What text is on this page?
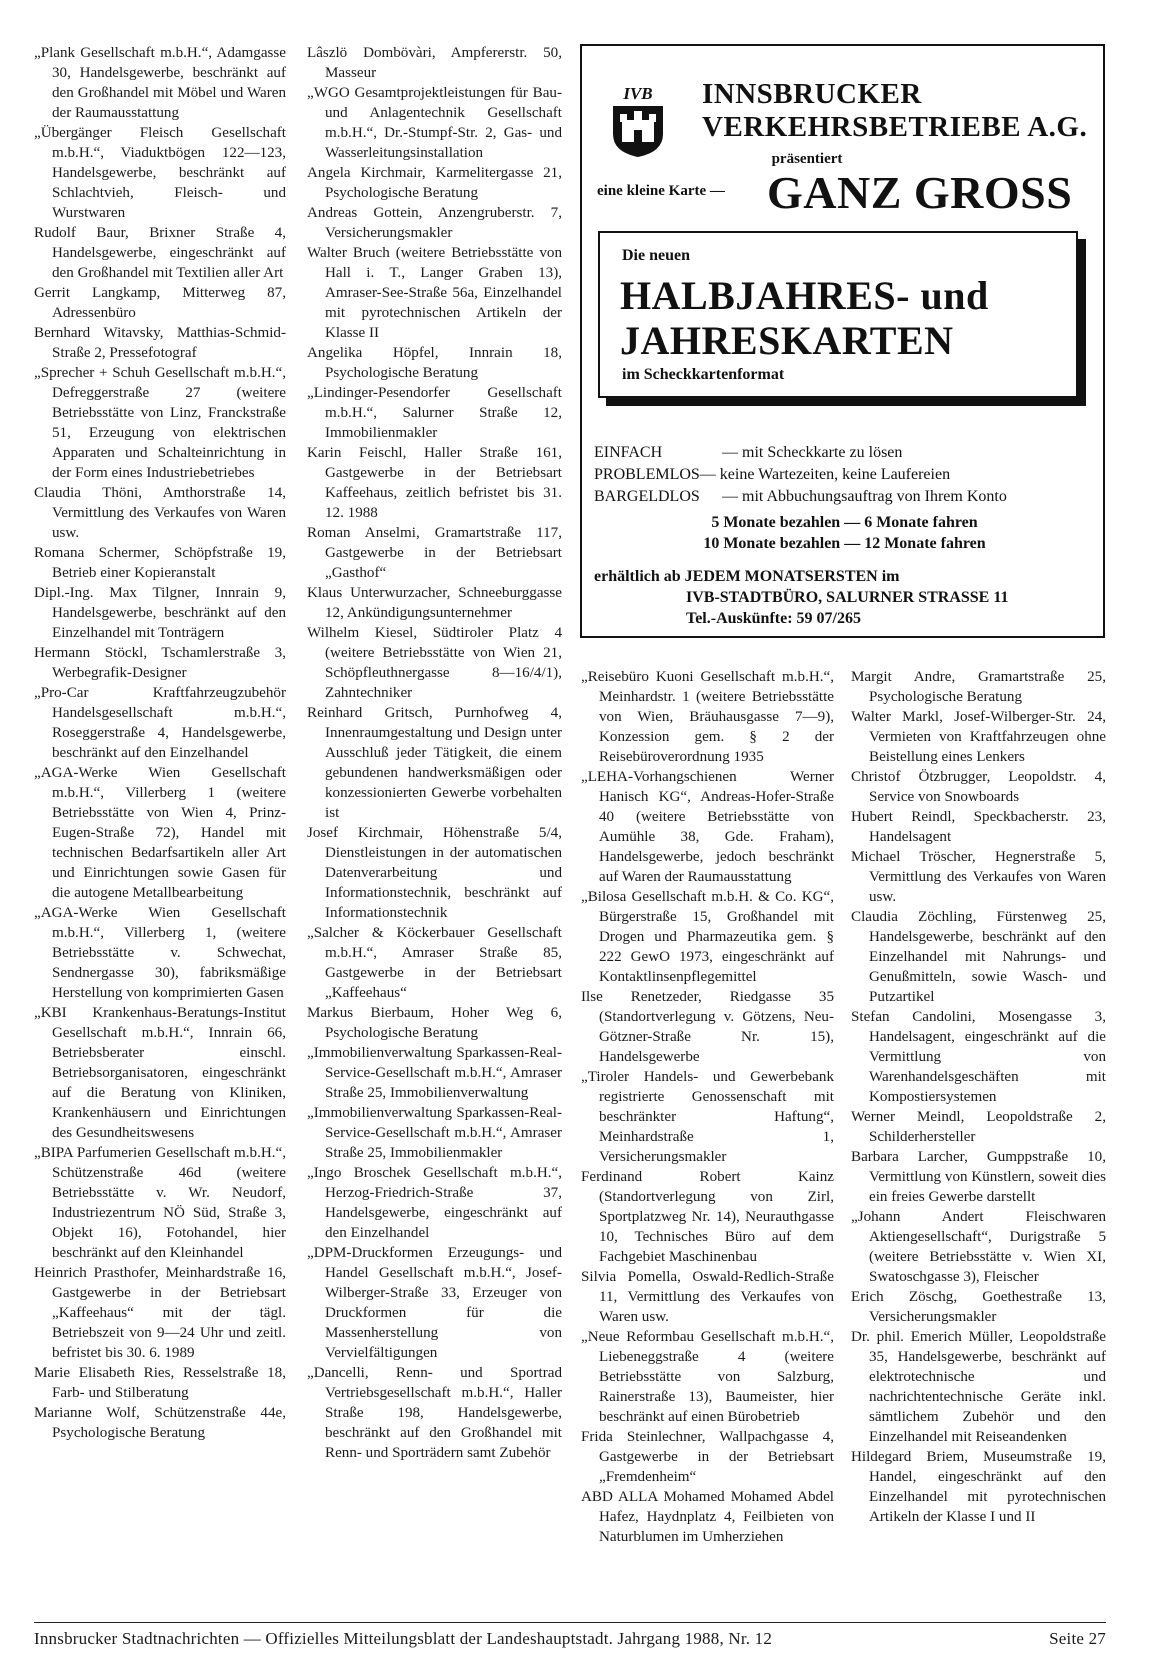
„Plank Gesellschaft m.b.H.“, Adamgasse 30, Handelsgewerbe, beschränkt auf den Großhandel mit Möbel und Waren der Raumausstattung

„Übergänger Fleisch Gesellschaft m.b.H.“, Viaduktbögen 122—123, Handelsgewerbe, beschränkt auf Schlachtvieh, Fleisch- und Wurstwaren

Rudolf Baur, Brixner Straße 4, Handelsgewerbe, eingeschränkt auf den Großhandel mit Textilien aller Art

Gerrit Langkamp, Mitterweg 87, Adressenbüro

Bernhard Witavsky, Matthias-Schmid-Straße 2, Pressefotograf

„Sprecher + Schuh Gesellschaft m.b.H.“, Defreggerstraße 27 (weitere Betriebsstätte von Linz, Franckstraße 51, Erzeugung von elektrischen Apparaten und Schalteinrichtung in der Form eines Industriebetriebes

Claudia Thöni, Amthorstraße 14, Vermittlung des Verkaufes von Waren usw.

Romana Schermer, Schöpfstraße 19, Betrieb einer Kopieranstalt

Dipl.-Ing. Max Tilgner, Innrain 9, Handelsgewerbe, beschränkt auf den Einzelhandel mit Tonträgern

Hermann Stöckl, Tschamlerstraße 3, Werbegrafik-Designer

„Pro-Car Kraftfahrzeugzubehör Handelsgesellschaft m.b.H.“, Roseggerstraße 4, Handelsgewerbe, beschränkt auf den Einzelhandel

„AGA-Werke Wien Gesellschaft m.b.H.“, Villerberg 1 (weitere Betriebsstätte von Wien 4, Prinz-Eugen-Straße 72), Handel mit technischen Bedarfsartikeln aller Art und Einrichtungen sowie Gasen für die autogene Metallbearbeitung

„AGA-Werke Wien Gesellschaft m.b.H.“, Villerberg 1, (weitere Betriebsstätte v. Schwechat, Sendnergasse 30), fabriksmäßige Herstellung von komprimierten Gasen

„KBI Krankenhaus-Beratungs-Institut Gesellschaft m.b.H.“, Innrain 66, Betriebsberater einschl. Betriebsorganisatoren, eingeschränkt auf die Beratung von Kliniken, Krankenhäusern und Einrichtungen des Gesundheitswesens

„BIPA Parfumerien Gesellschaft m.b.H.“, Schützenstraße 46d (weitere Betriebsstätte v. Wr. Neudorf, Industriezentrum NÖ Süd, Straße 3, Objekt 16), Fotohandel, hier beschränkt auf den Kleinhandel

Heinrich Prasthofer, Meinhardstraße 16, Gastgewerbe in der Betriebsart „Kaffeehaus“ mit der tägl. Betriebszeit von 9—24 Uhr und zeitl. befristet bis 30. 6. 1989

Marie Elisabeth Ries, Resselstraße 18, Farb- und Stilberatung

Marianne Wolf, Schützenstraße 44e, Psychologische Beratung

Lâszlö Dombövàri, Ampfererstr. 50, Masseur

„WGO Gesamtprojektleistungen für Bau- und Anlagentechnik Gesellschaft m.b.H.“, Dr.-Stumpf-Str. 2, Gas- und Wasserleitungsinstallation

Angela Kirchmair, Karmelitergasse 21, Psychologische Beratung

Andreas Gottein, Anzengruberstr. 7, Versicherungsmakler

Walter Bruch (weitere Betriebsstätte von Hall i. T., Langer Graben 13), Amraser-See-Straße 56a, Einzelhandel mit pyrotechnischen Artikeln der Klasse II

Angelika Höpfel, Innrain 18, Psychologische Beratung

„Lindinger-Pesendorfer Gesellschaft m.b.H.“, Salurner Straße 12, Immobilienmakler

Karin Feischl, Haller Straße 161, Gastgewerbe in der Betriebsart Kaffeehaus, zeitlich befristet bis 31. 12. 1988

Roman Anselmi, Gramartstraße 117, Gastgewerbe in der Betriebsart „Gasthof“

Klaus Unterwurzacher, Schneeburggasse 12, Ankündigungsunternehmer

Wilhelm Kiesel, Südtiroler Platz 4 (weitere Betriebsstätte von Wien 21, Schöpfleuthnergasse 8—16/4/1), Zahntechniker

Reinhard Gritsch, Purnhofweg 4, Innenraumgestaltung und Design unter Ausschluß jeder Tätigkeit, die einem gebundenen handwerksmäßigen oder konzessionierten Gewerbe vorbehalten ist

Josef Kirchmair, Höhenstraße 5/4, Dienstleistungen in der automatischen Datenverarbeitung und Informationstechnik, beschränkt auf Informationstechnik

„Salcher & Köckerbauer Gesellschaft m.b.H.“, Amraser Straße 85, Gastgewerbe in der Betriebsart „Kaffeehaus“

Markus Bierbaum, Hoher Weg 6, Psychologische Beratung

„Immobilienverwaltung Sparkassen-Real-Service-Gesellschaft m.b.H.“, Amraser Straße 25, Immobilienverwaltung

„Immobilienverwaltung Sparkassen-Real-Service-Gesellschaft m.b.H.“, Amraser Straße 25, Immobilienmakler

„Ingo Broschek Gesellschaft m.b.H.“, Herzog-Friedrich-Straße 37, Handelsgewerbe, eingeschränkt auf den Einzelhandel

„DPM-Druckformen Erzeugungs- und Handel Gesellschaft m.b.H.“, Josef-Wilberger-Straße 33, Erzeuger von Druckformen für die Massenherstellung von Vervielfältigungen

„Dancelli, Renn- und Sportrad Vertriebsgesellschaft m.b.H.“, Haller Straße 198, Handelsgewerbe, beschränkt auf den Großhandel mit Renn- und Sporträdern samt Zubehör

IVB INNSBRUCKER
VERKEHRSBETRIEBE A.G.
präsentiert
eine kleine Karte — GANZ GROSS
Die neuen
HALBJAHRES- und
JAHRESKARTEN
im Scheckkartenformat
EINFACH	— mit Scheckkarte zu lösen
PROBLEMLOS — keine Wartezeiten, keine Laufereien
BARGELDLOS	— mit Abbuchungsauftrag von Ihrem Konto
5 Monate bezahlen — 6 Monate fahren
10 Monate bezahlen — 12 Monate fahren
erhältlich ab JEDEM MONATSERSTEN im
IVB-STADTBÜRO, SALURNER STRASSE 11
Tel.-Auskünfte: 59 07/265

„Reisebüro Kuoni Gesellschaft m.b.H.“, Meinhardstr. 1 (weitere Betriebsstätte von Wien, Bräuhausgasse 7—9), Konzession gem. § 2 der Reisebüroverordnung 1935

„LEHA-Vorhangschienen Werner Hanisch KG“, Andreas-Hofer-Straße 40 (weitere Betriebsstätte von Aumühle 38, Gde. Fraham), Handelsgewerbe, jedoch beschränkt auf Waren der Raumausstattung

„Bilosa Gesellschaft m.b.H. & Co. KG“, Bürgerstraße 15, Großhandel mit Drogen und Pharmazeutika gem. § 222 GewO 1973, eingeschränkt auf Kontaktlinsenpflegemittel

Ilse Renetzeder, Riedgasse 35 (Standortverlegung v. Götzens, Neu-Götzner-Straße Nr. 15), Handelsgewerbe

„Tiroler Handels- und Gewerbebank registrierte Genossenschaft mit beschränkter Haftung“, Meinhardstraße 1, Versicherungsmakler

Ferdinand Robert Kainz (Standortverlegung von Zirl, Sportplatzweg Nr. 14), Neurauthgasse 10, Technisches Büro auf dem Fachgebiet Maschinenbau

Silvia Pomella, Oswald-Redlich-Straße 11, Vermittlung des Verkaufes von Waren usw.

„Neue Reformbau Gesellschaft m.b.H.“, Liebeneggstraße 4 (weitere Betriebsstätte von Salzburg, Rainerstraße 13), Baumeister, hier beschränkt auf einen Bürobetrieb

Frida Steinlechner, Wallpachgasse 4, Gastgewerbe in der Betriebsart „Fremdenheim“

ABD ALLA Mohamed Mohamed Abdel Hafez, Haydnplatz 4, Feilbieten von Naturblumen im Umherziehen

Margit Andre, Gramartstraße 25, Psychologische Beratung

Walter Markl, Josef-Wilberger-Str. 24, Vermieten von Kraftfahrzeugen ohne Beistellung eines Lenkers

Christof Ötzbrugger, Leopoldstr. 4, Service von Snowboards

Hubert Reindl, Speckbacherstr. 23, Handelsagent

Michael Tröscher, Hegnerstraße 5, Vermittlung des Verkaufes von Waren usw.

Claudia Zöchling, Fürstenweg 25, Handelsgewerbe, beschränkt auf den Einzelhandel mit Nahrungs- und Genußmitteln, sowie Wasch- und Putzartikel

Stefan Candolini, Mosengasse 3, Handelsagent, eingeschränkt auf die Vermittlung von Warenhandelsgeschäften mit Kompostiersystemen

Werner Meindl, Leopoldstraße 2, Schilderhersteller

Barbara Larcher, Gumppstraße 10, Vermittlung von Künstlern, soweit dies ein freies Gewerbe darstellt

„Johann Andert Fleischwaren Aktiengesellschaft“, Durigstraße 5 (weitere Betriebsstätte v. Wien XI, Swatoschgasse 3), Fleischer

Erich Zöschg, Goethestraße 13, Versicherungsmakler

Dr. phil. Emerich Müller, Leopoldstraße 35, Handelsgewerbe, beschränkt auf elektrotechnische und nachrichtentechnische Geräte inkl. sämtlichem Zubehör und den Einzelhandel mit Reiseandenken

Hildegard Briem, Museumstraße 19, Handel, eingeschränkt auf den Einzelhandel mit pyrotechnischen Artikeln der Klasse I und II

Innsbrucker Stadtnachrichten — Offizielles Mitteilungsblatt der Landeshauptstadt. Jahrgang 1988, Nr. 12	Seite 27
